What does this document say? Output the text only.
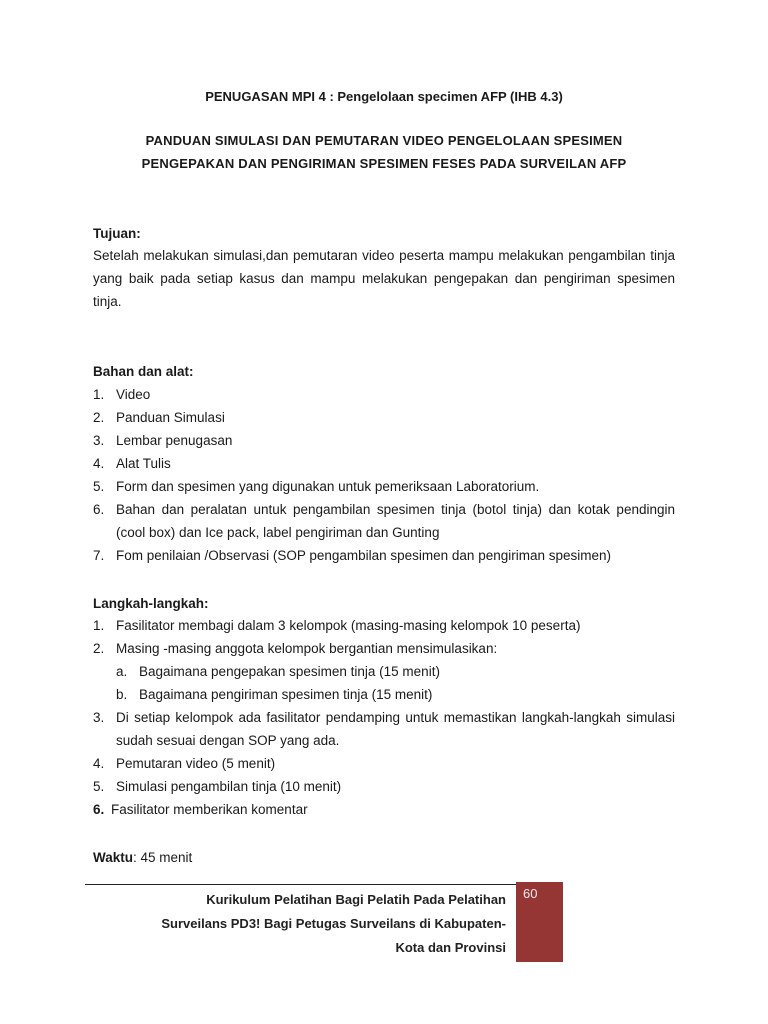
PENUGASAN MPI 4 : Pengelolaan specimen AFP (IHB 4.3)
PANDUAN SIMULASI DAN PEMUTARAN VIDEO PENGELOLAAN SPESIMEN
PENGEPAKAN DAN PENGIRIMAN SPESIMEN FESES PADA SURVEILAN AFP
Tujuan:
Setelah melakukan simulasi,dan pemutaran video peserta mampu melakukan pengambilan tinja yang baik pada setiap kasus dan mampu melakukan pengepakan dan pengiriman spesimen tinja.
Bahan dan alat:
1. Video
2. Panduan Simulasi
3. Lembar penugasan
4. Alat Tulis
5. Form dan spesimen yang digunakan untuk pemeriksaan Laboratorium.
6. Bahan dan peralatan untuk pengambilan spesimen tinja (botol tinja) dan kotak pendingin (cool box) dan Ice pack, label pengiriman dan Gunting
7. Fom penilaian /Observasi (SOP pengambilan spesimen dan pengiriman spesimen)
Langkah-langkah:
1. Fasilitator membagi dalam 3 kelompok (masing-masing kelompok 10 peserta)
2. Masing -masing anggota kelompok bergantian mensimulasikan:
a. Bagaimana pengepakan spesimen tinja (15 menit)
b. Bagaimana pengiriman spesimen tinja (15 menit)
3. Di setiap kelompok ada fasilitator pendamping untuk memastikan langkah-langkah simulasi sudah sesuai dengan SOP yang ada.
4. Pemutaran video (5 menit)
5. Simulasi pengambilan tinja (10 menit)
6. Fasilitator memberikan komentar
Waktu: 45 menit
Kurikulum Pelatihan Bagi Pelatih Pada Pelatihan
Surveilans PD3! Bagi Petugas Surveilans di Kabupaten-
Kota dan Provinsi
60
